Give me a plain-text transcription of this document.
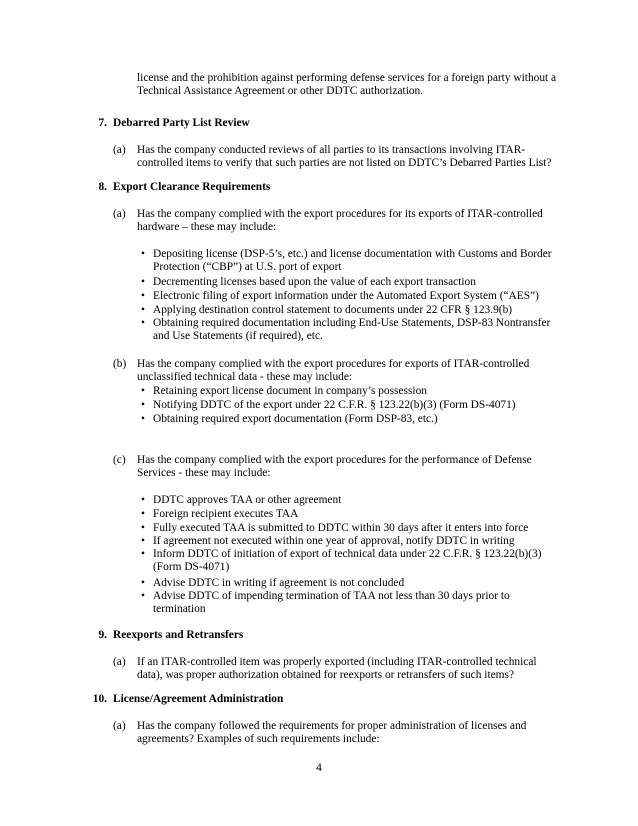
license and the prohibition against performing defense services for a foreign party without a
Technical Assistance Agreement or other DDTC authorization.
7. Debarred Party List Review
(a) Has the company conducted reviews of all parties to its transactions involving ITAR-
controlled items to verify that such parties are not listed on DDTC’s Debarred Parties List?
8. Export Clearance Requirements
(a) Has the company complied with the export procedures for its exports of ITAR-controlled
hardware – these may include:
• Depositing license (DSP-5’s, etc.) and license documentation with Customs and Border
Protection (“CBP”) at U.S. port of export
• Decrementing licenses based upon the value of each export transaction
• Electronic filing of export information under the Automated Export System (“AES”)
• Applying destination control statement to documents under 22 CFR § 123.9(b)
• Obtaining required documentation including End-Use Statements, DSP-83 Nontransfer
and Use Statements (if required), etc.
(b) Has the company complied with the export procedures for exports of ITAR-controlled
unclassified technical data - these may include:
• Retaining export license document in company’s possession
• Notifying DDTC of the export under 22 C.F.R. § 123.22(b)(3) (Form DS-4071)
• Obtaining required export documentation (Form DSP-83, etc.)
(c) Has the company complied with the export procedures for the performance of Defense
Services - these may include:
• DDTC approves TAA or other agreement
• Foreign recipient executes TAA
• Fully executed TAA is submitted to DDTC within 30 days after it enters into force
• If agreement not executed within one year of approval, notify DDTC in writing
• Inform DDTC of initiation of export of technical data under 22 C.F.R. § 123.22(b)(3)
(Form DS-4071)
• Advise DDTC in writing if agreement is not concluded
• Advise DDTC of impending termination of TAA not less than 30 days prior to
termination
9. Reexports and Retransfers
(a) If an ITAR-controlled item was properly exported (including ITAR-controlled technical
data), was proper authorization obtained for reexports or retransfers of such items?
10. License/Agreement Administration
(a) Has the company followed the requirements for proper administration of licenses and
agreements? Examples of such requirements include:
4
